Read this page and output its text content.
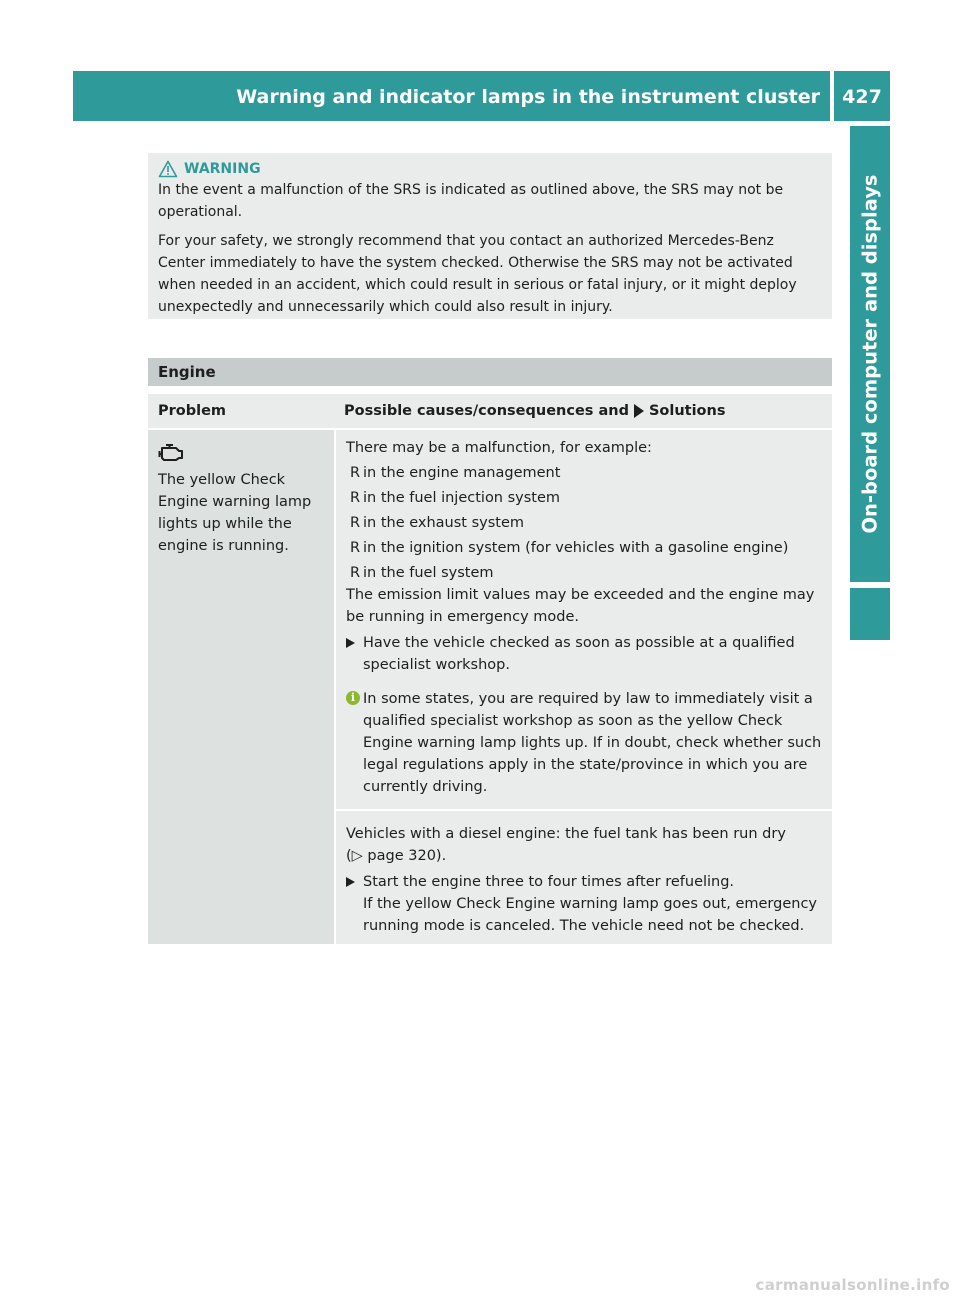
Warning and indicator lamps in the instrument cluster	427
On-board computer and displays
WARNING

In the event a malfunction of the SRS is indicated as outlined above, the SRS may not be operational.

For your safety, we strongly recommend that you contact an authorized Mercedes-Benz Center immediately to have the system checked. Otherwise the SRS may not be activated when needed in an accident, which could result in serious or fatal injury, or it might deploy unexpectedly and unnecessarily which could also result in injury.

Engine
Problem	Possible causes/consequences and Solutions
The yellow Check Engine warning lamp lights up while the engine is running.

There may be a malfunction, for example:

R in the engine management
R in the fuel injection system
R in the exhaust system
R in the ignition system (for vehicles with a gasoline engine)
R in the fuel system

The emission limit values may be exceeded and the engine may be running in emergency mode.

Have the vehicle checked as soon as possible at a qualified specialist workshop.
i In some states, you are required by law to immediately visit a qualified specialist workshop as soon as the yellow Check Engine warning lamp lights up. If in doubt, check whether such legal regulations apply in the state/province in which you are currently driving.

Vehicles with a diesel engine: the fuel tank has been run dry

(▷ page 320).

Start the engine three to four times after refueling.
If the yellow Check Engine warning lamp goes out, emergency running mode is canceled. The vehicle need not be checked.
carmanualsonline.info
